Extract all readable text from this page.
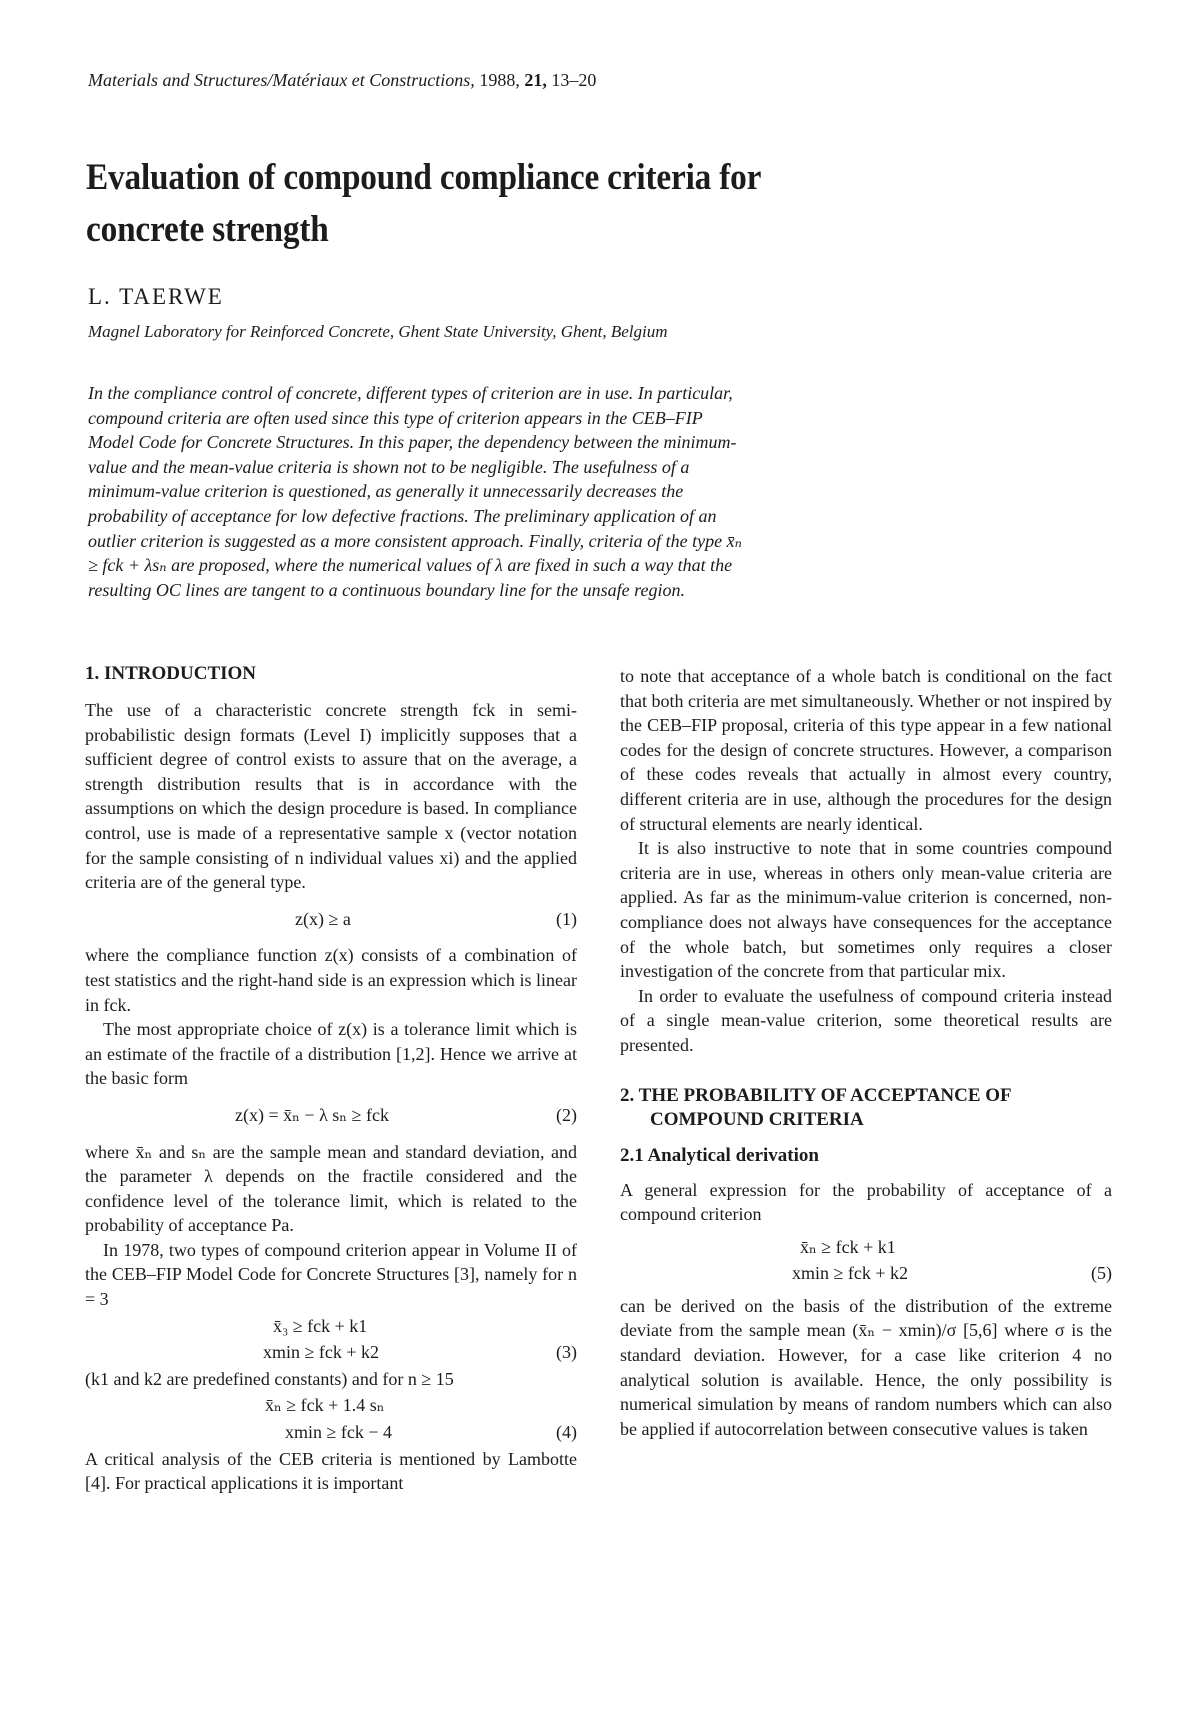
Materials and Structures/Matériaux et Constructions, 1988, 21, 13–20
Evaluation of compound compliance criteria for concrete strength
L. TAERWE
Magnel Laboratory for Reinforced Concrete, Ghent State University, Ghent, Belgium

In the compliance control of concrete, different types of criterion are in use. In particular,

compound criteria are often used since this type of criterion appears in the CEB–FIP

Model Code for Concrete Structures. In this paper, the dependency between the minimum-

value and the mean-value criteria is shown not to be negligible. The usefulness of a

minimum-value criterion is questioned, as generally it unnecessarily decreases the

probability of acceptance for low defective fractions. The preliminary application of an

outlier criterion is suggested as a more consistent approach. Finally, criteria of the type x̄ₙ

≥ fck + λsₙ are proposed, where the numerical values of λ are fixed in such a way that the

resulting OC lines are tangent to a continuous boundary line for the unsafe region.

1. INTRODUCTION

The use of a characteristic concrete strength fck in semi-probabilistic design formats (Level I) implicitly supposes that a sufficient degree of control exists to assure that on the average, a strength distribution results that is in accordance with the assumptions on which the design procedure is based. In compliance control, use is made of a representative sample x (vector notation for the sample consisting of n individual values xi) and the applied criteria are of the general type.

z(x) ≥ a	(1)

where the compliance function z(x) consists of a combination of test statistics and the right-hand side is an expression which is linear in fck.

The most appropriate choice of z(x) is a tolerance limit which is an estimate of the fractile of a distribution [1,2]. Hence we arrive at the basic form

z(x) = x̄ₙ − λ sₙ ≥ fck	(2)

where x̄ₙ and sₙ are the sample mean and standard deviation, and the parameter λ depends on the fractile considered and the confidence level of the tolerance limit, which is related to the probability of acceptance Pa.

In 1978, two types of compound criterion appear in Volume II of the CEB–FIP Model Code for Concrete Structures [3], namely for n = 3

x̄₃ ≥ fck + k1
xmin ≥ fck + k2	(3)

(k1 and k2 are predefined constants) and for n ≥ 15

x̄ₙ ≥ fck + 1.4 sₙ
xmin ≥ fck − 4	(4)

A critical analysis of the CEB criteria is mentioned by Lambotte [4]. For practical applications it is important

to note that acceptance of a whole batch is conditional on the fact that both criteria are met simultaneously. Whether or not inspired by the CEB–FIP proposal, criteria of this type appear in a few national codes for the design of concrete structures. However, a comparison of these codes reveals that actually in almost every country, different criteria are in use, although the procedures for the design of structural elements are nearly identical.

It is also instructive to note that in some countries compound criteria are in use, whereas in others only mean-value criteria are applied. As far as the minimum-value criterion is concerned, non-compliance does not always have consequences for the acceptance of the whole batch, but sometimes only requires a closer investigation of the concrete from that particular mix.

In order to evaluate the usefulness of compound criteria instead of a single mean-value criterion, some theoretical results are presented.

2. THE PROBABILITY OF ACCEPTANCE OF COMPOUND CRITERIA
2.1 Analytical derivation

A general expression for the probability of acceptance of a compound criterion

x̄ₙ ≥ fck + k1
xmin ≥ fck + k2	(5)

can be derived on the basis of the distribution of the extreme deviate from the sample mean (x̄ₙ − xmin)/σ [5,6] where σ is the standard deviation. However, for a case like criterion 4 no analytical solution is available. Hence, the only possibility is numerical simulation by means of random numbers which can also be applied if autocorrelation between consecutive values is taken
